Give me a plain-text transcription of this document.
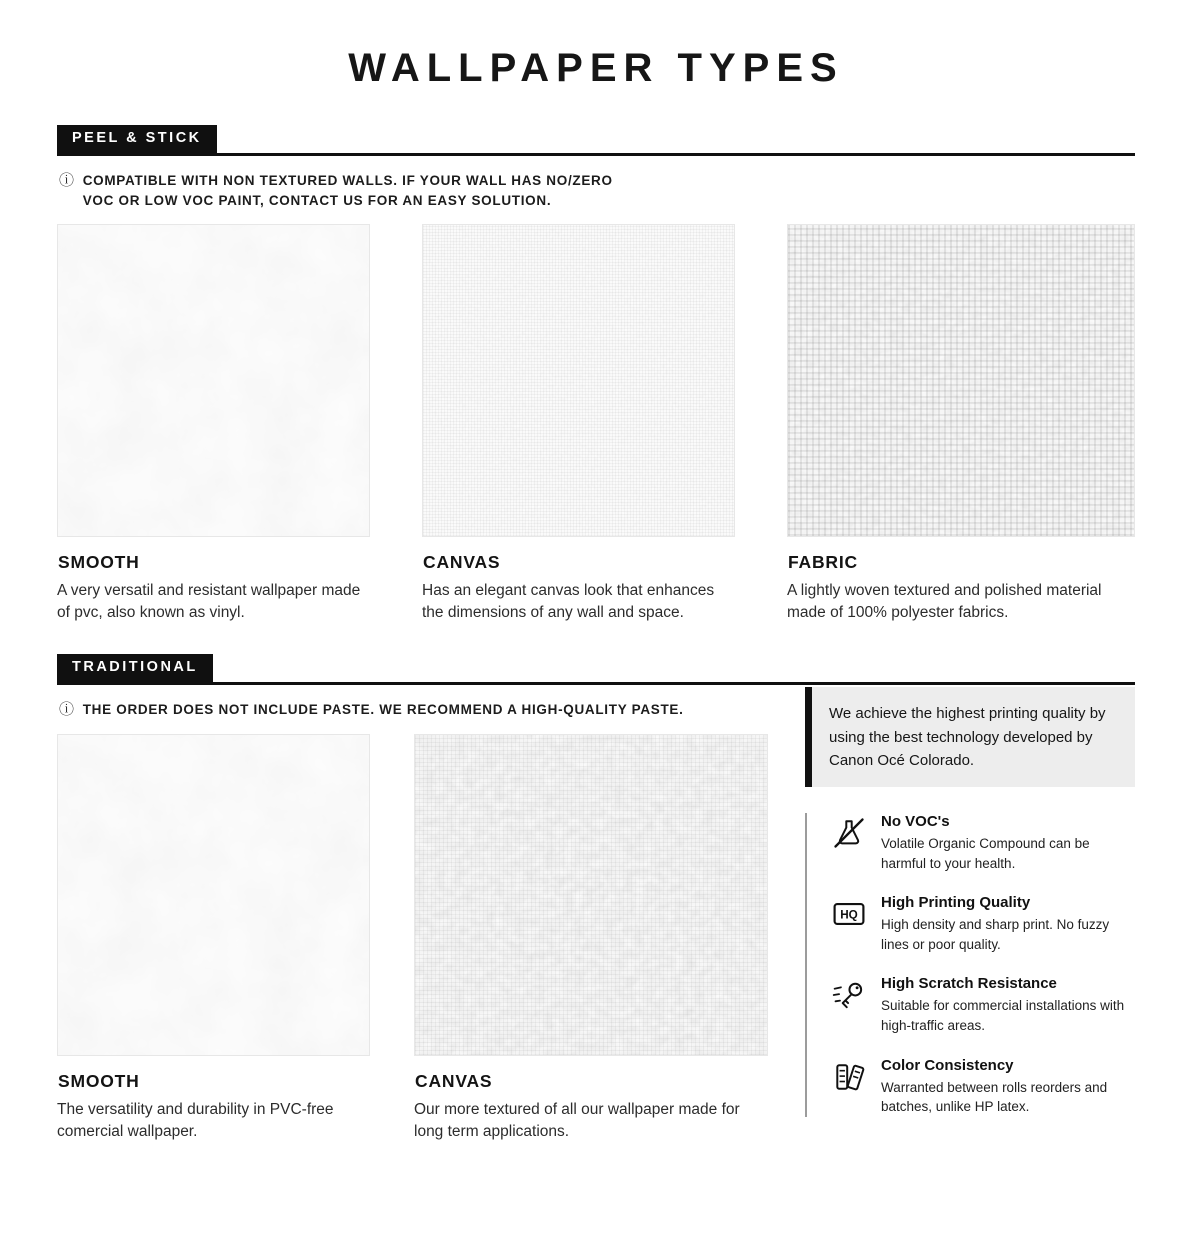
WALLPAPER TYPES
PEEL & STICK
ⓘ COMPATIBLE WITH NON TEXTURED WALLS. IF YOUR WALL HAS NO/ZERO VOC OR LOW VOC PAINT, CONTACT US FOR AN EASY SOLUTION.
SMOOTH
A very versatil and resistant wallpaper made of pvc, also known as vinyl.
CANVAS
Has an elegant canvas look that enhances the dimensions of any wall and space.
FABRIC
A lightly woven textured and polished material made of 100% polyester fabrics.
TRADITIONAL
ⓘ THE ORDER DOES NOT INCLUDE PASTE. WE RECOMMEND A HIGH-QUALITY PASTE.
SMOOTH
The versatility and durability in PVC-free comercial wallpaper.
CANVAS
Our more textured of all our wallpaper made for long term applications.
We achieve the highest printing quality by using the best technology developed by Canon Océ Colorado.
No VOC's
Volatile Organic Compound can be harmful to your health.
HQ
High Printing Quality
High density and sharp print. No fuzzy lines or poor quality.
High Scratch Resistance
Suitable for commercial installations with high-traffic areas.
Color Consistency
Warranted between rolls reorders and batches, unlike HP latex.
